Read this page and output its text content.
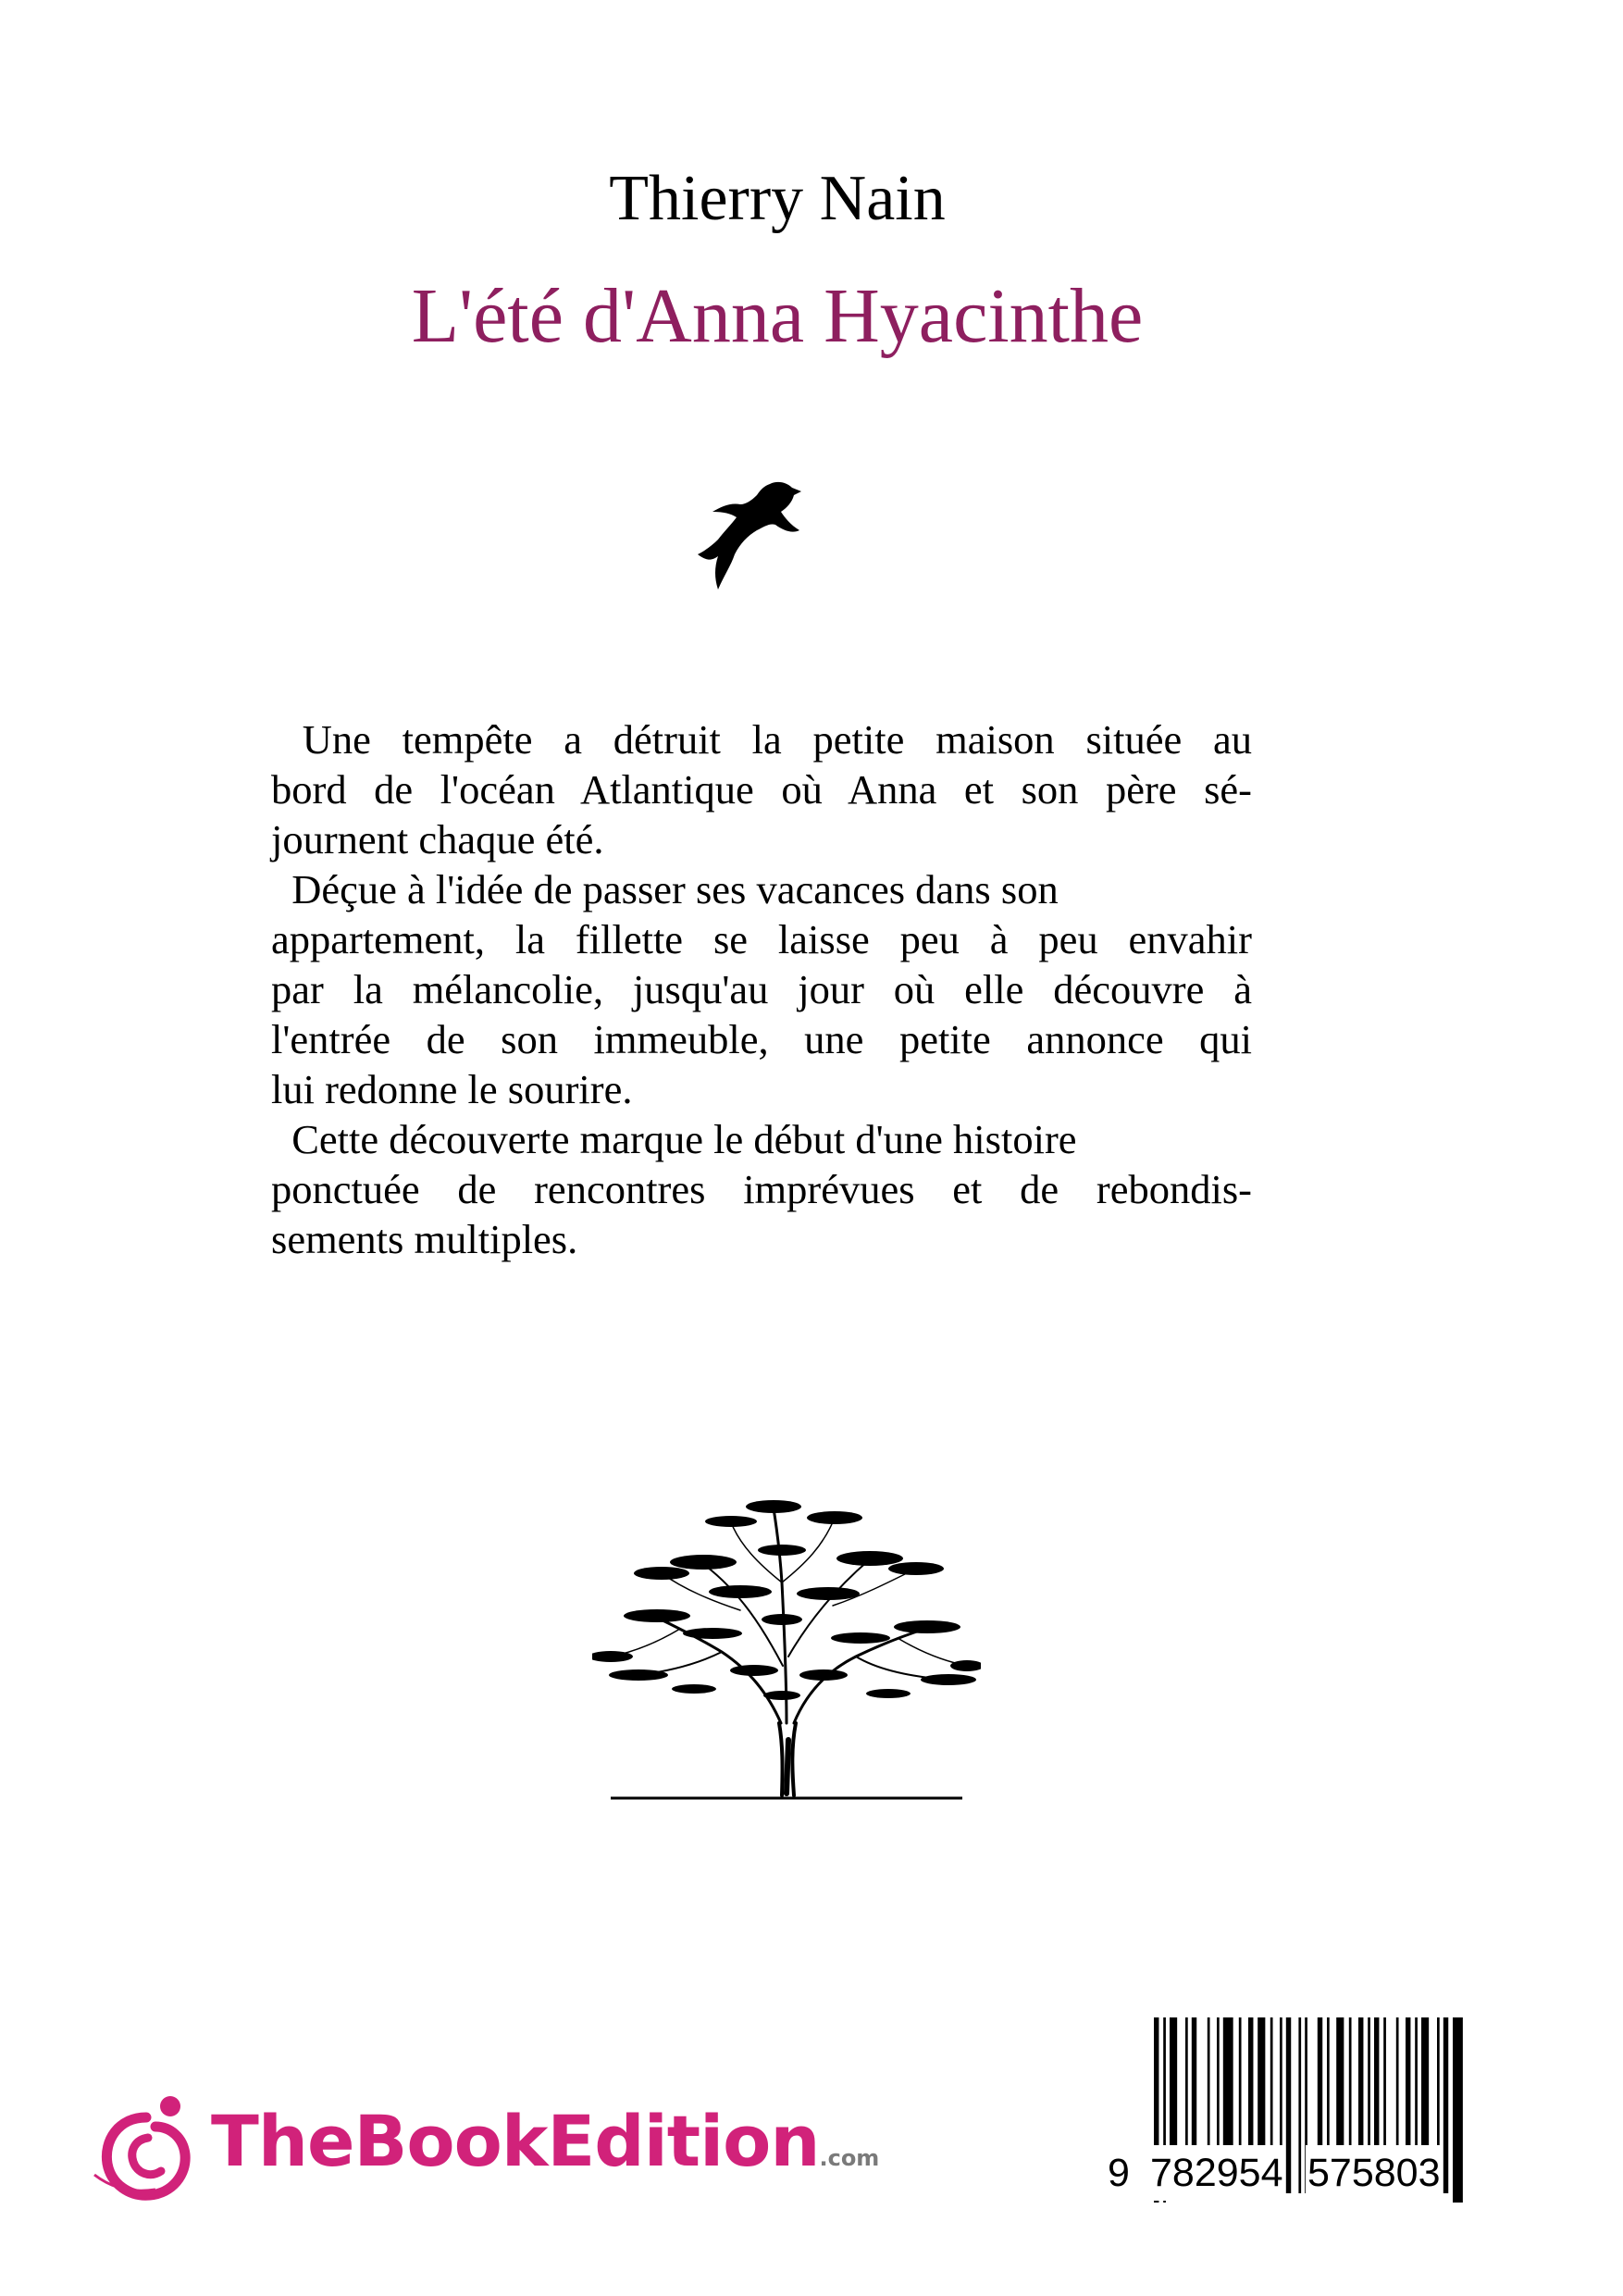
Thierry Nain
L'été d'Anna Hyacinthe
Une tempête a détruit la petite maison située au
bord de l'océan Atlantique où Anna et son père sé-
journent chaque été.
Déçue à l'idée de passer ses vacances dans son
appartement, la fillette se laisse peu à peu envahir
par la mélancolie, jusqu'au jour où elle découvre à
l'entrée de son immeuble, une petite annonce qui
lui redonne le sourire.
Cette découverte marque le début d'une histoire
ponctuée de rencontres imprévues et de rebondis-
sements multiples.
TheBookEdition.com	9 782954 575803
